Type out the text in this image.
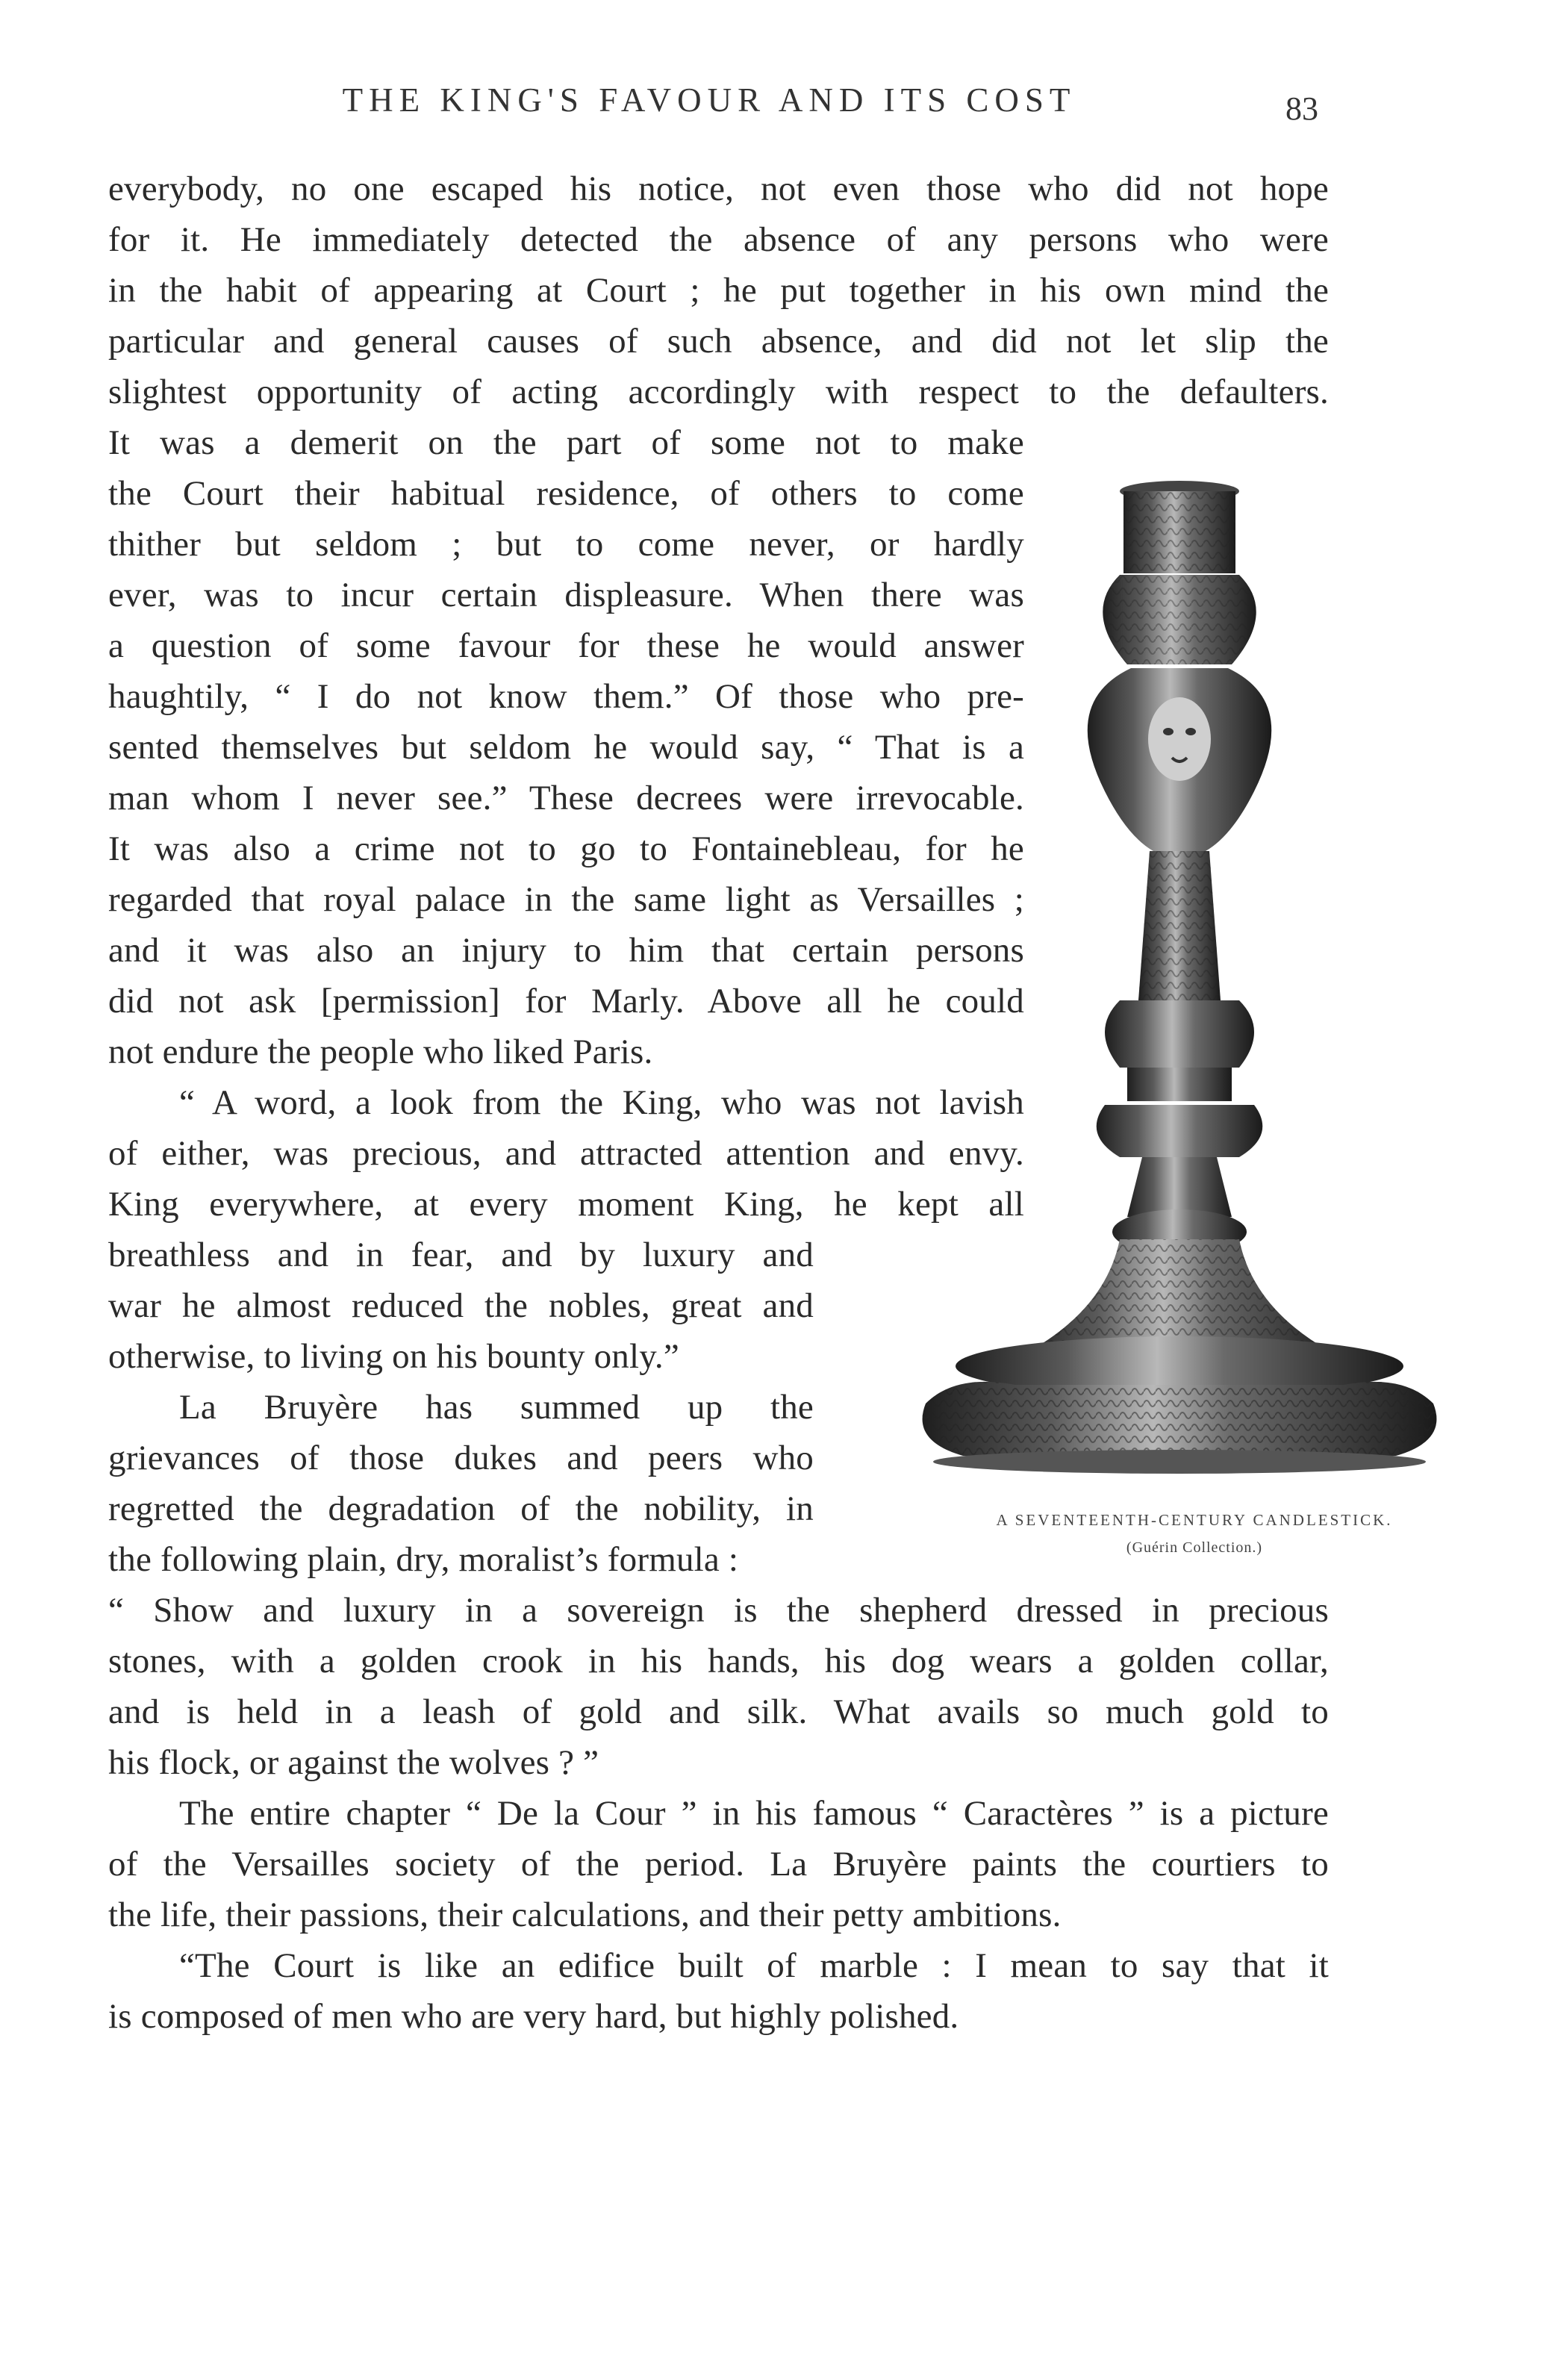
THE KING'S FAVOUR AND ITS COST	83
everybody, no one escaped his notice, not even those who did not hope
for it. He immediately detected the absence of any persons who were
in the habit of appearing at Court ; he put together in his own mind the
particular and general causes of such absence, and did not let slip the
slightest opportunity of acting accordingly with respect to the defaulters.
It was a demerit on the part of some not to make
the Court their habitual residence, of others to come
thither but seldom ; but to come never, or hardly
ever, was to incur certain displeasure. When there was
a question of some favour for these he would answer
haughtily, “ I do not know them.” Of those who pre-
sented themselves but seldom he would say, “ That is a
man whom I never see.” These decrees were irrevocable.
It was also a crime not to go to Fontainebleau, for he
regarded that royal palace in the same light as Versailles ;
and it was also an injury to him that certain persons
did not ask [permission] for Marly. Above all he could
not endure the people who liked Paris.
“ A word, a look from the King, who was not lavish
of either, was precious, and attracted attention and envy.
King everywhere, at every moment King, he kept all
breathless and in fear, and by luxury and
war he almost reduced the nobles, great and
otherwise, to living on his bounty only.”
La Bruyère has summed up the
grievances of those dukes and peers who
regretted the degradation of the nobility, in
the following plain, dry, moralist’s formula :
“ Show and luxury in a sovereign is the shepherd dressed in precious
stones, with a golden crook in his hands, his dog wears a golden collar,
and is held in a leash of gold and silk. What avails so much gold to
his flock, or against the wolves ? ”
The entire chapter “ De la Cour ” in his famous “ Caractères ” is a picture
of the Versailles society of the period. La Bruyère paints the courtiers to
the life, their passions, their calculations, and their petty ambitions.
“The Court is like an edifice built of marble : I mean to say that it
is composed of men who are very hard, but highly polished.
A SEVENTEENTH-CENTURY CANDLESTICK.
(Guérin Collection.)
